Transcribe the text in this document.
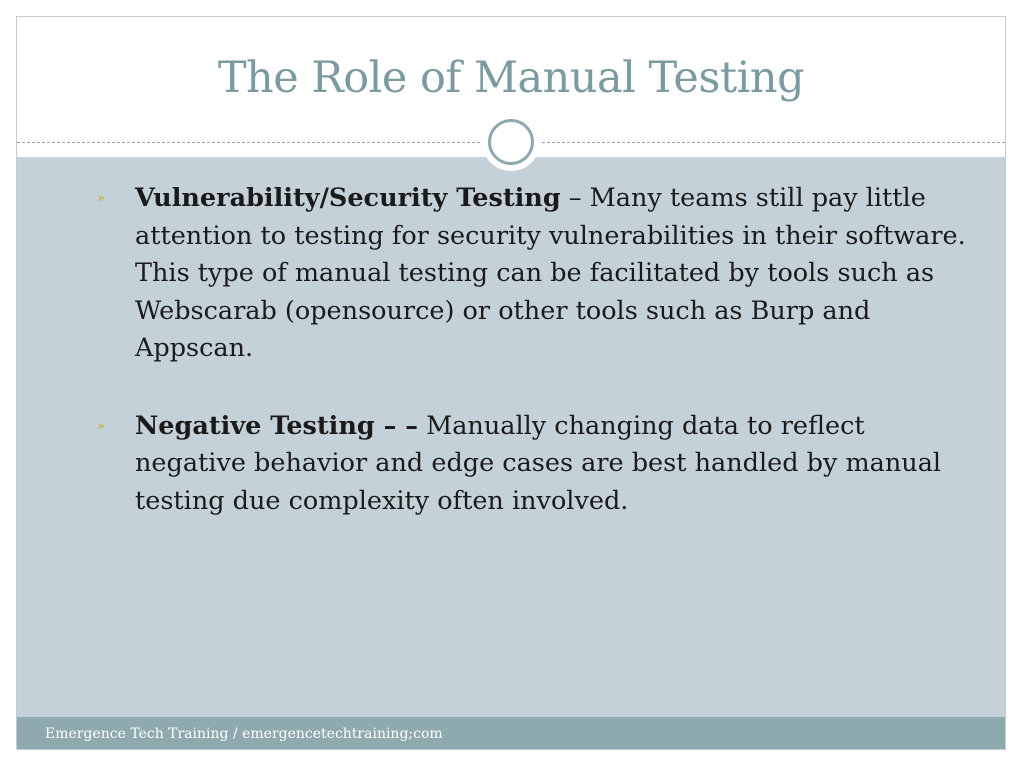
The Role of Manual Testing
» Vulnerability/Security Testing – Many teams still pay little attention to testing for security vulnerabilities in their software. This type of manual testing can be facilitated by tools such as Webscarab (opensource) or other tools such as Burp and Appscan.
» Negative Testing – – Manually changing data to reflect negative behavior and edge cases are best handled by manual testing due complexity often involved.
Emergence Tech Training / emergencetechtraining;com
